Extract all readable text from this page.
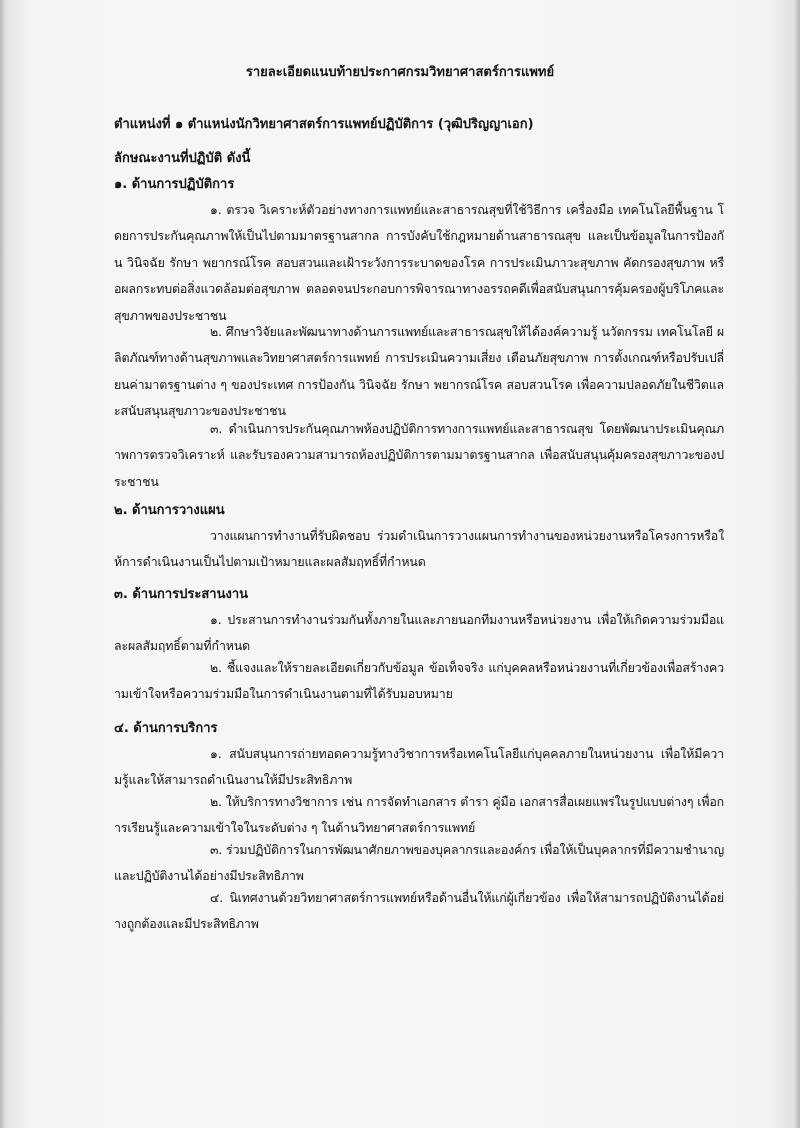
รายละเอียดแนบท้ายประกาศกรมวิทยาศาสตร์การแพทย์
ตำแหน่งที่ ๑ ตำแหน่งนักวิทยาศาสตร์การแพทย์ปฏิบัติการ (วุฒิปริญญาเอก)
ลักษณะงานที่ปฏิบัติ ดังนี้
๑. ด้านการปฏิบัติการ
๑. ตรวจ วิเคราะห์ตัวอย่างทางการแพทย์และสาธารณสุขที่ใช้วิธีการ เครื่องมือ เทคโนโลยีพื้นฐาน โดยการประกันคุณภาพให้เป็นไปตามมาตรฐานสากล การบังคับใช้กฎหมายด้านสาธารณสุข และเป็นข้อมูลในการป้องกัน วินิจฉัย รักษา พยากรณ์โรค สอบสวนและเฝ้าระวังการระบาดของโรค การประเมินภาวะสุขภาพ คัดกรองสุขภาพ หรือผลกระทบต่อสิ่งแวดล้อมต่อสุขภาพ ตลอดจนประกอบการพิจารณาทางอรรถคดีเพื่อสนับสนุนการคุ้มครองผู้บริโภคและสุขภาพของประชาชน
๒. ศึกษาวิจัยและพัฒนาทางด้านการแพทย์และสาธารณสุขให้ได้องค์ความรู้ นวัตกรรม เทคโนโลยี ผลิตภัณฑ์ทางด้านสุขภาพและวิทยาศาสตร์การแพทย์ การประเมินความเสี่ยง เตือนภัยสุขภาพ การตั้งเกณฑ์หรือปรับเปลี่ยนค่ามาตรฐานต่าง ๆ ของประเทศ การป้องกัน วินิจฉัย รักษา พยากรณ์โรค สอบสวนโรค เพื่อความปลอดภัยในชีวิตและสนับสนุนสุขภาวะของประชาชน
๓. ดำเนินการประกันคุณภาพห้องปฏิบัติการทางการแพทย์และสาธารณสุข โดยพัฒนาประเมินคุณภาพการตรวจวิเคราะห์ และรับรองความสามารถห้องปฏิบัติการตามมาตรฐานสากล เพื่อสนับสนุนคุ้มครองสุขภาวะของประชาชน
๒. ด้านการวางแผน
วางแผนการทำงานที่รับผิดชอบ ร่วมดำเนินการวางแผนการทำงานของหน่วยงานหรือโครงการหรือให้การดำเนินงานเป็นไปตามเป้าหมายและผลสัมฤทธิ์ที่กำหนด
๓. ด้านการประสานงาน
๑. ประสานการทำงานร่วมกันทั้งภายในและภายนอกทีมงานหรือหน่วยงาน เพื่อให้เกิดความร่วมมือและผลสัมฤทธิ์ตามที่กำหนด
๒. ชี้แจงและให้รายละเอียดเกี่ยวกับข้อมูล ข้อเท็จจริง แก่บุคคลหรือหน่วยงานที่เกี่ยวข้องเพื่อสร้างความเข้าใจหรือความร่วมมือในการดำเนินงานตามที่ได้รับมอบหมาย
๔. ด้านการบริการ
๑. สนับสนุนการถ่ายทอดความรู้ทางวิชาการหรือเทคโนโลยีแก่บุคคลภายในหน่วยงาน เพื่อให้มีความรู้และให้สามารถดำเนินงานให้มีประสิทธิภาพ
๒. ให้บริการทางวิชาการ เช่น การจัดทำเอกสาร ตำรา คู่มือ เอกสารสื่อเผยแพร่ในรูปแบบต่างๆ เพื่อการเรียนรู้และความเข้าใจในระดับต่าง ๆ ในด้านวิทยาศาสตร์การแพทย์
๓. ร่วมปฏิบัติการในการพัฒนาศักยภาพของบุคลากรและองค์กร เพื่อให้เป็นบุคลากรที่มีความชำนาญและปฏิบัติงานได้อย่างมีประสิทธิภาพ
๔. นิเทศงานด้วยวิทยาศาสตร์การแพทย์หรือด้านอื่นให้แก่ผู้เกี่ยวข้อง เพื่อให้สามารถปฏิบัติงานได้อย่างถูกต้องและมีประสิทธิภาพ
